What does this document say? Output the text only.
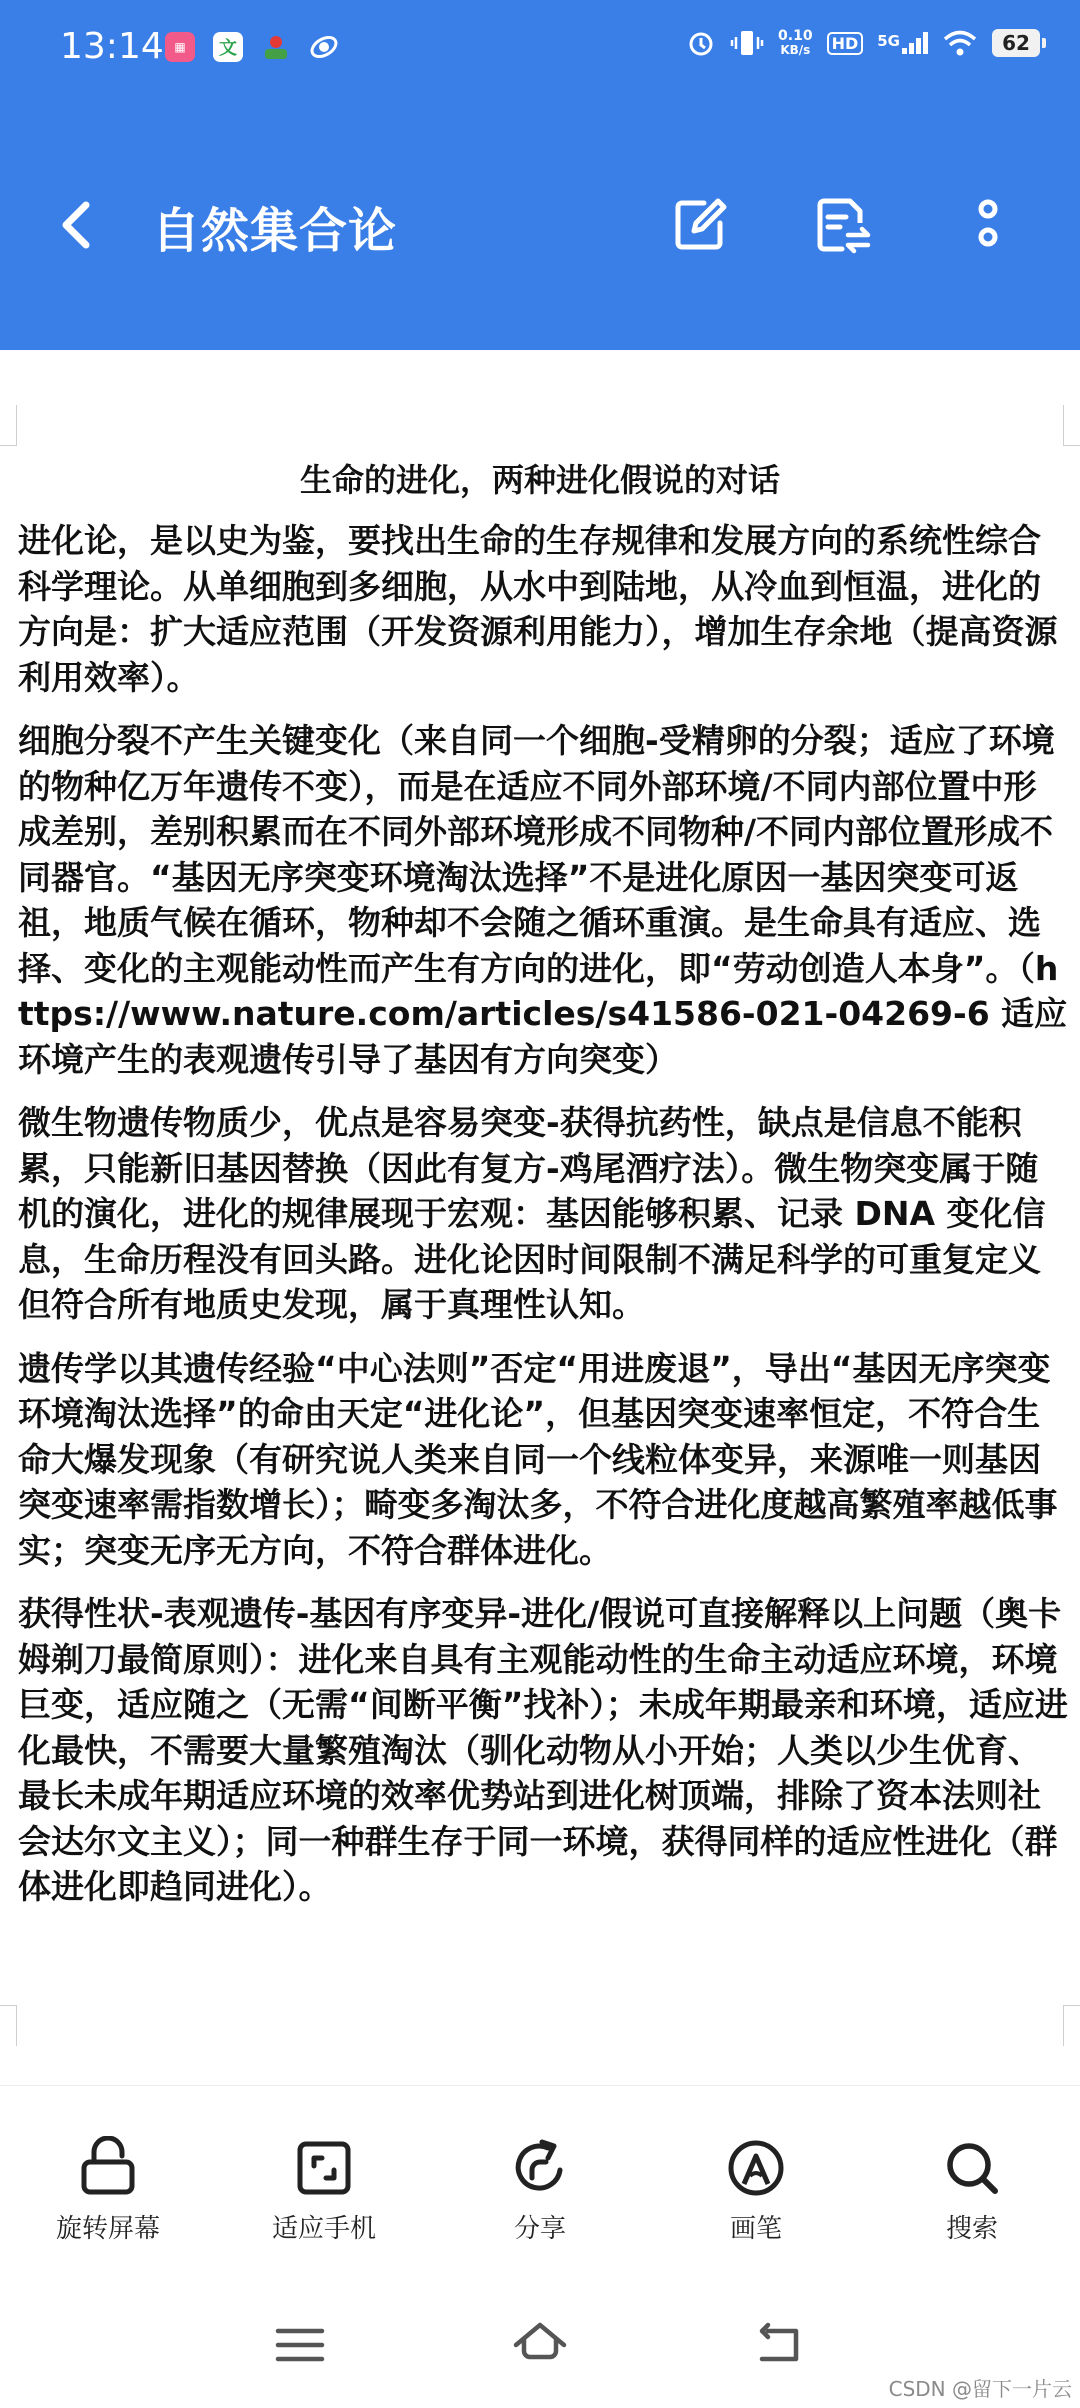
13:14 ▦	文
0.10
KB/s	HD	5G	62
自然集合论
生命的进化，两种进化假说的对话

进化论，是以史为鉴，要找出生命的生存规律和发展方向的系统性综合科学理论。从单细胞到多细胞，从水中到陆地，从冷血到恒温，进化的方向是：扩大适应范围（开发资源利用能力），增加生存余地（提高资源利用效率）。

细胞分裂不产生关键变化（来自同一个细胞-受精卵的分裂；适应了环境的物种亿万年遗传不变），而是在适应不同外部环境/不同内部位置中形成差别，差别积累而在不同外部环境形成不同物种/不同内部位置形成不同器官。“基因无序突变环境淘汰选择”不是进化原因一基因突变可返祖，地质气候在循环，物种却不会随之循环重演。是生命具有适应、选择、变化的主观能动性而产生有方向的进化，即“劳动创造人本身”。（https://www.nature.com/articles/s41586-021-04269-6 适应环境产生的表观遗传引导了基因有方向突变）

微生物遗传物质少，优点是容易突变-获得抗药性，缺点是信息不能积累，只能新旧基因替换（因此有复方-鸡尾酒疗法）。微生物突变属于随机的演化，进化的规律展现于宏观：基因能够积累、记录 DNA 变化信息，生命历程没有回头路。进化论因时间限制不满足科学的可重复定义但符合所有地质史发现，属于真理性认知。

遗传学以其遗传经验“中心法则”否定“用进废退”，导出“基因无序突变环境淘汰选择”的命由天定“进化论”，但基因突变速率恒定，不符合生命大爆发现象（有研究说人类来自同一个线粒体变异，来源唯一则基因突变速率需指数增长）；畸变多淘汰多，不符合进化度越高繁殖率越低事实；突变无序无方向，不符合群体进化。

获得性状-表观遗传-基因有序变异-进化/假说可直接解释以上问题（奥卡姆剃刀最简原则）：进化来自具有主观能动性的生命主动适应环境，环境巨变，适应随之（无需“间断平衡”找补）；未成年期最亲和环境，适应进化最快，不需要大量繁殖淘汰（驯化动物从小开始；人类以少生优育、最长未成年期适应环境的效率优势站到进化树顶端，排除了资本法则社会达尔文主义）；同一种群生存于同一环境，获得同样的适应性进化（群体进化即趋同进化）。

旋转屏幕	适应手机	分享	画笔	搜索
CSDN @留下一片云
